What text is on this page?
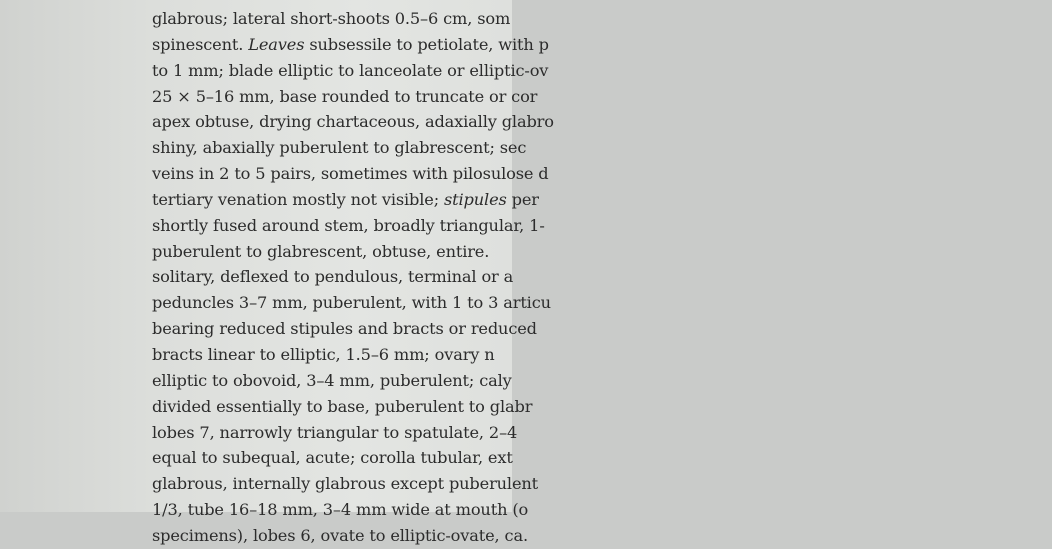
glabrous; lateral short-shoots 0.5–6 cm, som
spinescent. Leaves subsessile to petiolate, with p
to 1 mm; blade elliptic to lanceolate or elliptic-ov
25 × 5–16 mm, base rounded to truncate or cor
apex obtuse, drying chartaceous, adaxially glabro
shiny, abaxially puberulent to glabrescent; sec
veins in 2 to 5 pairs, sometimes with pilosulose d
tertiary venation mostly not visible; stipules per
shortly fused around stem, broadly triangular, 1-
puberulent to glabrescent, obtuse, entire.
solitary, deflexed to pendulous, terminal or a
peduncles 3–7 mm, puberulent, with 1 to 3 articu
bearing reduced stipules and bracts or reduced
bracts linear to elliptic, 1.5–6 mm; ovary n
elliptic to obovoid, 3–4 mm, puberulent; caly
divided essentially to base, puberulent to glabr
lobes 7, narrowly triangular to spatulate, 2–4
equal to subequal, acute; corolla tubular, ext
glabrous, internally glabrous except puberulent
1/3, tube 16–18 mm, 3–4 mm wide at mouth (o
specimens), lobes 6, ovate to elliptic-ovate, ca.
